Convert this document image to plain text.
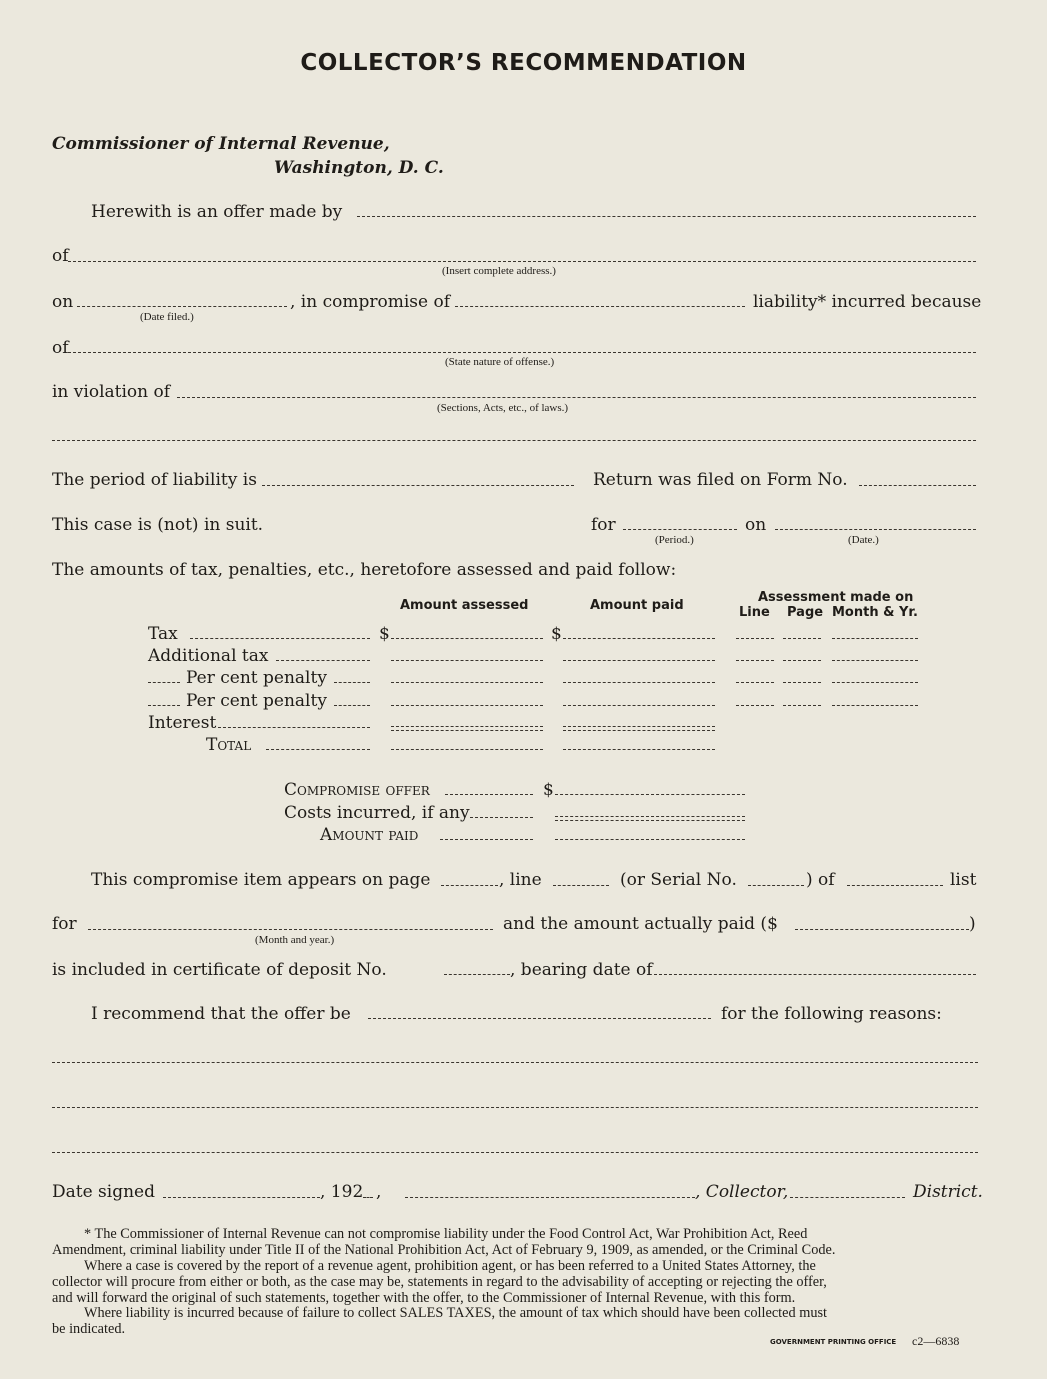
COLLECTOR’S RECOMMENDATION
Commissioner of Internal Revenue,
Washington, D. C.
Herewith is an offer made by
of
(Insert complete address.)
on
(Date filed.)
, in compromise of	liability* incurred because
of
(State nature of offense.)
in violation of
(Sections, Acts, etc., of laws.)
The period of liability is	Return was filed on Form No.
This case is (not) in suit.	for
(Period.)
on
(Date.)
The amounts of tax, penalties, etc., heretofore assessed and paid follow:
Amount assessed	Amount paid
Assessment made on
Line Page Month & Yr.
Tax	$	$
Additional tax
Per cent penalty
Per cent penalty
Interest
Total
Compromise offer	$
Costs incurred, if any
Amount paid
This compromise item appears on page	, line	(or Serial No.	) of	list
for
(Month and year.)
and the amount actually paid ($	)
is included in certificate of deposit No.	, bearing date of
I recommend that the offer be	for the following reasons:
Date signed	, 192 ,	, Collector,	District.
* The Commissioner of Internal Revenue can not compromise liability under the Food Control Act, War Prohibition Act, Reed
Amendment, criminal liability under Title II of the National Prohibition Act, Act of February 9, 1909, as amended, or the Criminal Code.
Where a case is covered by the report of a revenue agent, prohibition agent, or has been referred to a United States Attorney, the
collector will procure from either or both, as the case may be, statements in regard to the advisability of accepting or rejecting the offer,
and will forward the original of such statements, together with the offer, to the Commissioner of Internal Revenue, with this form.
Where liability is incurred because of failure to collect SALES TAXES, the amount of tax which should have been collected must
be indicated.
GOVERNMENT PRINTING OFFICE c2—6838
